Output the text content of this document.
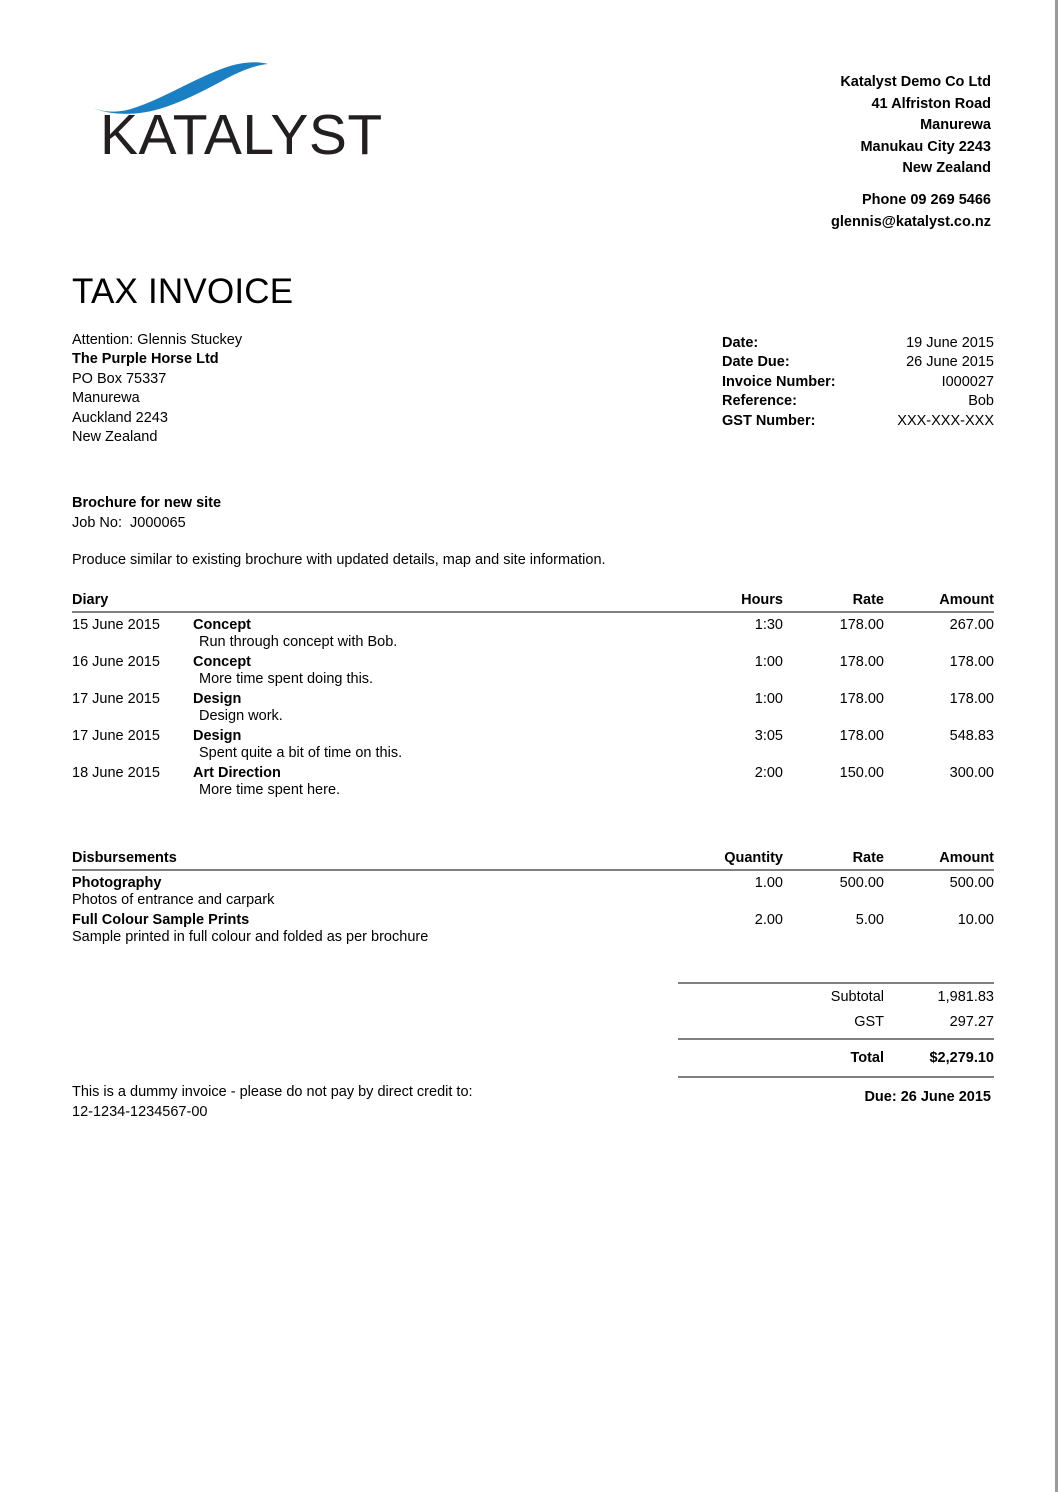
KATALYST
Katalyst Demo Co Ltd
41 Alfriston Road
Manurewa
Manukau City 2243
New Zealand
Phone 09 269 5466
glennis@katalyst.co.nz
TAX INVOICE
Attention: Glennis Stuckey
The Purple Horse Ltd
PO Box 75337
Manurewa
Auckland 2243
New Zealand
Date:	19 June 2015
Date Due:	26 June 2015
Invoice Number:	I000027
Reference:	Bob
GST Number:	XXX-XXX-XXX
Brochure for new site
Job No: J000065
Produce similar to existing brochure with updated details, map and site information.
Diary	Hours	Rate	Amount
15 June 2015	Concept	1:30	178.00	267.00
Run through concept with Bob.
16 June 2015	Concept	1:00	178.00	178.00
More time spent doing this.
17 June 2015	Design	1:00	178.00	178.00
Design work.
17 June 2015	Design	3:05	178.00	548.83
Spent quite a bit of time on this.
18 June 2015	Art Direction	2:00	150.00	300.00
More time spent here.
Disbursements	Quantity	Rate	Amount
Photography	1.00	500.00	500.00
Photos of entrance and carpark
Full Colour Sample Prints	2.00	5.00	10.00
Sample printed in full colour and folded as per brochure
Subtotal	1,981.83
GST	297.27
Total	$2,279.10
This is a dummy invoice - please do not pay by direct credit to:
12-1234-1234567-00
Due: 26 June 2015
